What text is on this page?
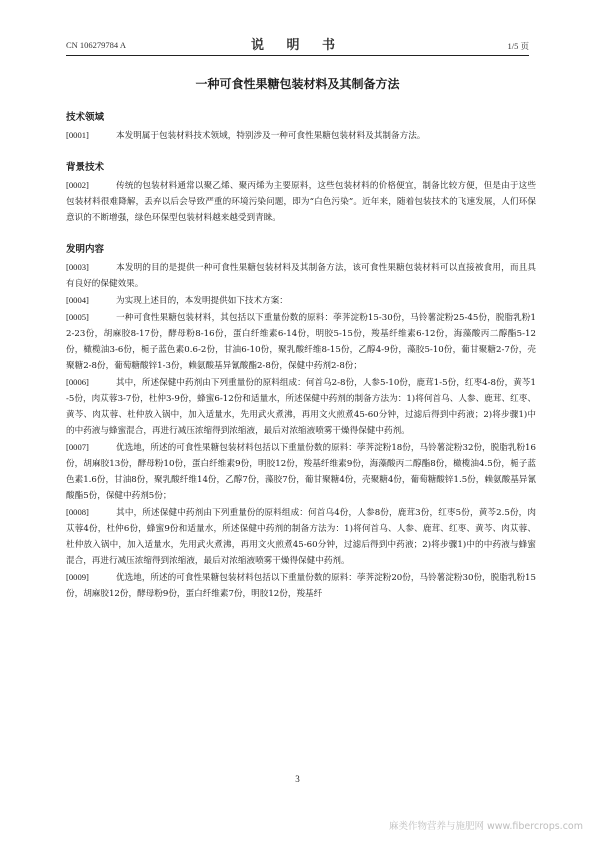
CN 106279784 A	说 明 书	1/5 页
一种可食性果糖包装材料及其制备方法
技术领域

[0001]	本发明属于包装材料技术领域，特别涉及一种可食性果糖包装材料及其制备方法。

背景技术

[0002]	传统的包装材料通常以聚乙烯、聚丙烯为主要原料，这些包装材料的价格便宜，制备比较方便，但是由于这些包装材料很难降解，丢弃以后会导致严重的环境污染问题，即为“白色污染”。近年来，随着包装技术的飞速发展，人们环保意识的不断增强，绿色环保型包装材料越来越受到青睐。

发明内容

[0003]	本发明的目的是提供一种可食性果糖包装材料及其制备方法，该可食性果糖包装材料可以直接被食用，而且具有良好的保健效果。

[0004]	为实现上述目的，本发明提供如下技术方案：

[0005]	一种可食性果糖包装材料，其包括以下重量份数的原料：荸荠淀粉15-30份，马铃薯淀粉25-45份，脱脂乳粉12-23份，胡麻胶8-17份，酵母粉8-16份，蛋白纤维素6-14份，明胶5-15份，羧基纤维素6-12份，海藻酸丙二醇酯5-12份，橄榄油3-6份，栀子蓝色素0.6-2份，甘油6-10份，聚乳酸纤维8-15份，乙醇4-9份，藻胶5-10份，葡甘聚糖2-7份，壳聚糖2-8份，葡萄糖酸锌1-3份，赖氨酸基异氰酸酯2-8份，保健中药剂2-8份；

[0006]	其中，所述保健中药剂由下列重量份的原料组成：何首乌2-8份，人参5-10份，鹿茸1-5份，红枣4-8份，黄芩1-5份，肉苁蓉3-7份，杜仲3-9份，蜂蜜6-12份和适量水，所述保健中药剂的制备方法为：1)将何首乌、人参、鹿茸、红枣、黄芩、肉苁蓉、杜仲放入锅中，加入适量水，先用武火煮沸，再用文火煎煮45-60分钟，过滤后得到中药液；2)将步骤1)中的中药液与蜂蜜混合，再进行减压浓缩得到浓缩液，最后对浓缩液喷雾干燥得保健中药剂。

[0007]	优选地，所述的可食性果糖包装材料包括以下重量份数的原料：荸荠淀粉18份，马铃薯淀粉32份，脱脂乳粉16份，胡麻胶13份，酵母粉10份，蛋白纤维素9份，明胶12份，羧基纤维素9份，海藻酸丙二醇酯8份，橄榄油4.5份，栀子蓝色素1.6份，甘油8份，聚乳酸纤维14份，乙醇7份，藻胶7份，葡甘聚糖4份，壳聚糖4份，葡萄糖酸锌1.5份，赖氨酸基异氰酸酯5份，保健中药剂5份；

[0008]	其中，所述保健中药剂由下列重量份的原料组成：何首乌4份，人参8份，鹿茸3份，红枣5份，黄芩2.5份，肉苁蓉4份，杜仲6份，蜂蜜9份和适量水，所述保健中药剂的制备方法为：1)将何首乌、人参、鹿茸、红枣、黄芩、肉苁蓉、杜仲放入锅中，加入适量水，先用武火煮沸，再用文火煎煮45-60分钟，过滤后得到中药液；2)将步骤1)中的中药液与蜂蜜混合，再进行减压浓缩得到浓缩液，最后对浓缩液喷雾干燥得保健中药剂。

[0009]	优选地，所述的可食性果糖包装材料包括以下重量份数的原料：荸荠淀粉20份，马铃薯淀粉30份，脱脂乳粉15份，胡麻胶12份，酵母粉9份，蛋白纤维素7份，明胶12份，羧基纤

3
麻类作物营养与施肥网 www.fibercrops.com
